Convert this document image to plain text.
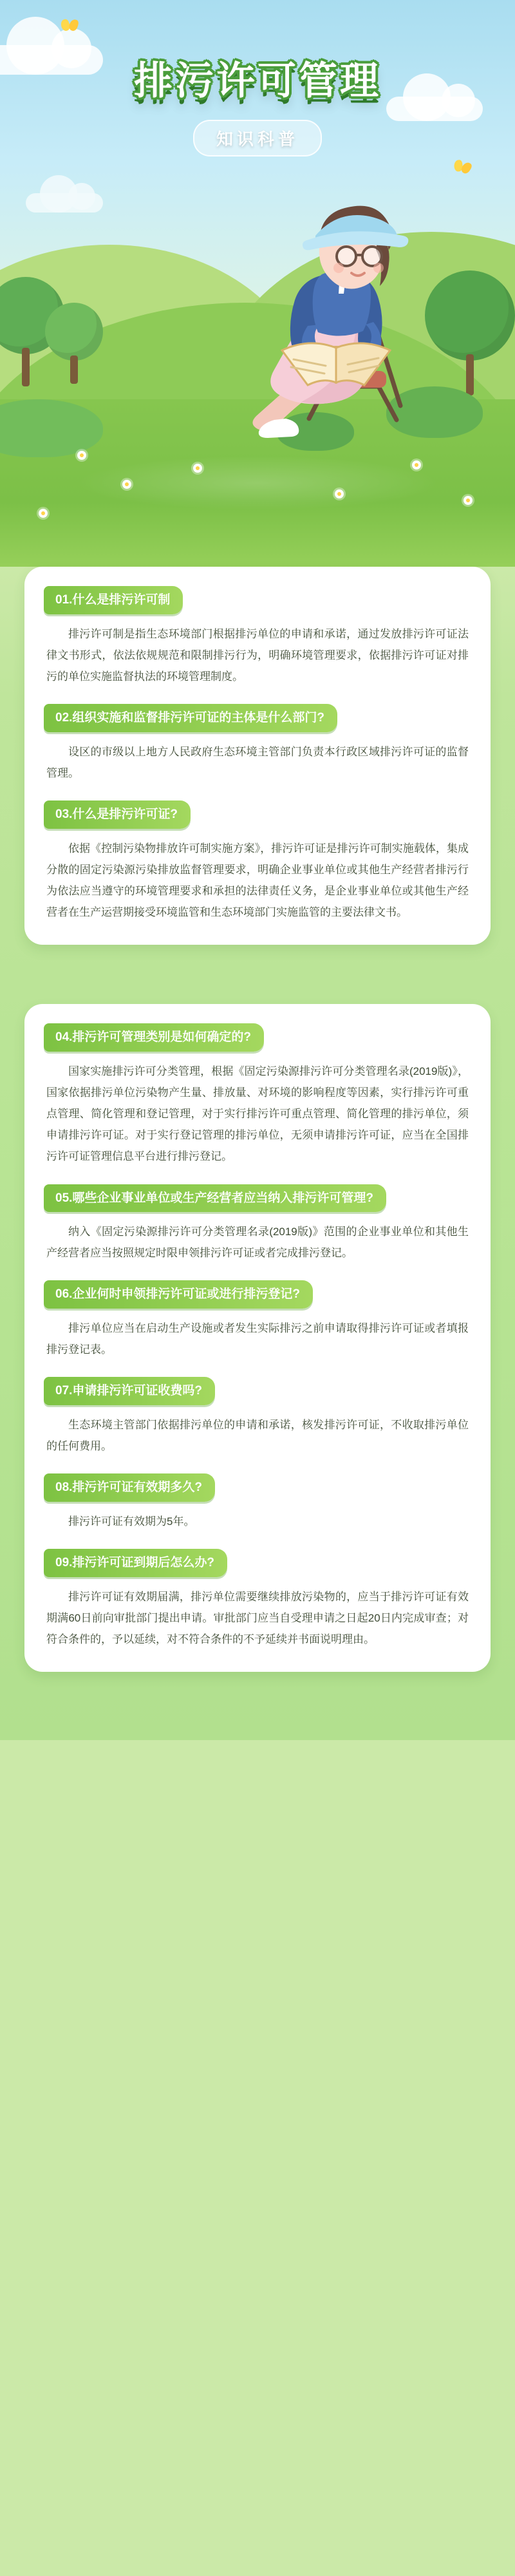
排污许可管理
知识科普
01.什么是排污许可制

排污许可制是指生态环境部门根据排污单位的申请和承诺，通过发放排污许可证法律文书形式，依法依规规范和限制排污行为，明确环境管理要求，依据排污许可证对排污的单位实施监督执法的环境管理制度。

02.组织实施和监督排污许可证的主体是什么部门?

设区的市级以上地方人民政府生态环境主管部门负责本行政区域排污许可证的监督管理。

03.什么是排污许可证?

依据《控制污染物排放许可制实施方案》，排污许可证是排污许可制实施载体，集成分散的固定污染源污染排放监督管理要求，明确企业事业单位或其他生产经营者排污行为依法应当遵守的环境管理要求和承担的法律责任义务，是企业事业单位或其他生产经营者在生产运营期接受环境监管和生态环境部门实施监管的主要法律文书。

04.排污许可管理类别是如何确定的?

国家实施排污许可分类管理，根据《固定污染源排污许可分类管理名录(2019版)》，国家依据排污单位污染物产生量、排放量、对环境的影响程度等因素，实行排污许可重点管理、简化管理和登记管理，对于实行排污许可重点管理、简化管理的排污单位，须申请排污许可证。对于实行登记管理的排污单位，无须申请排污许可证，应当在全国排污许可证管理信息平台进行排污登记。

05.哪些企业事业单位或生产经营者应当纳入排污许可管理?

纳入《固定污染源排污许可分类管理名录(2019版)》范围的企业事业单位和其他生产经营者应当按照规定时限申领排污许可证或者完成排污登记。

06.企业何时申领排污许可证或进行排污登记?

排污单位应当在启动生产设施或者发生实际排污之前申请取得排污许可证或者填报排污登记表。

07.申请排污许可证收费吗?

生态环境主管部门依据排污单位的申请和承诺，核发排污许可证，不收取排污单位的任何费用。

08.排污许可证有效期多久?

排污许可证有效期为5年。

09.排污许可证到期后怎么办?

排污许可证有效期届满，排污单位需要继续排放污染物的，应当于排污许可证有效期满60日前向审批部门提出申请。审批部门应当自受理申请之日起20日内完成审查；对符合条件的，予以延续，对不符合条件的不予延续并书面说明理由。
